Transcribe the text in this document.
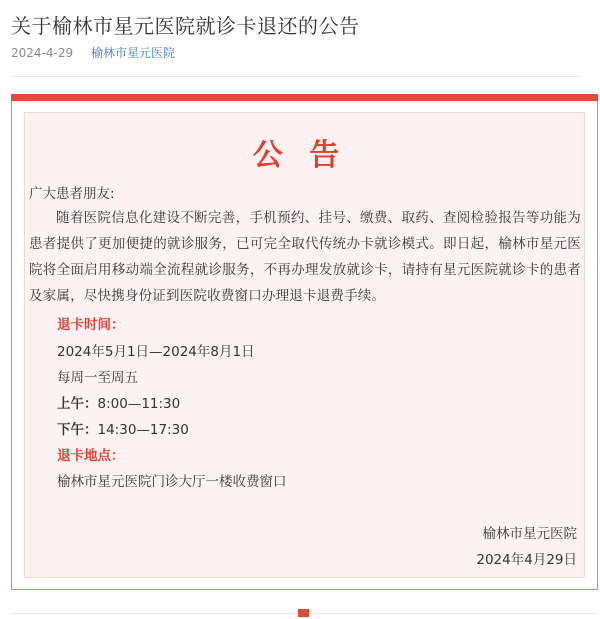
关于榆林市星元医院就诊卡退还的公告
2024-4-29 榆林市星元医院
公 告
广大患者朋友:
随着医院信息化建设不断完善，手机预约、挂号、缴费、取药、查阅检验报告等功能为患者提供了更加便捷的就诊服务，已可完全取代传统办卡就诊模式。即日起，榆林市星元医院将全面启用移动端全流程就诊服务，不再办理发放就诊卡，请持有星元医院就诊卡的患者及家属，尽快携身份证到医院收费窗口办理退卡退费手续。
退卡时间：
2024年5月1日—2024年8月1日
每周一至周五
上午：8:00—11:30
下午：14:30—17:30
退卡地点：
榆林市星元医院门诊大厅一楼收费窗口
榆林市星元医院
2024年4月29日
